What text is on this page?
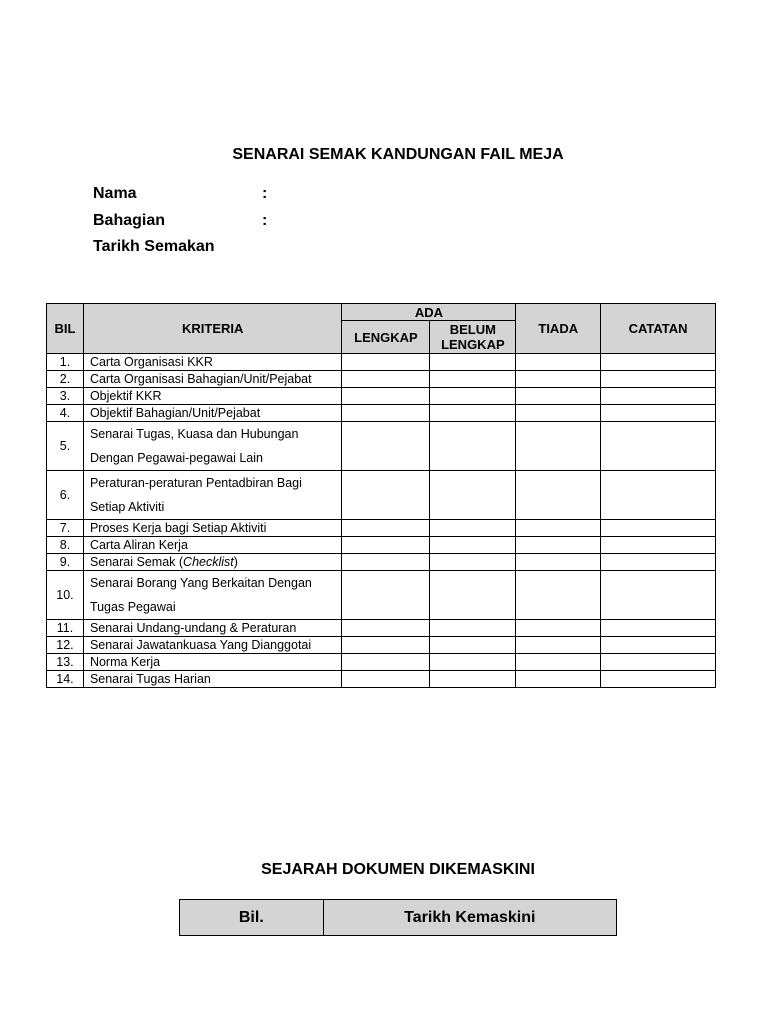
SENARAI SEMAK KANDUNGAN FAIL MEJA
Nama	:
Bahagian	:
Tarikh Semakan
BIL	KRITERIA	ADA		TIADA	CATATAN
		LENGKAP	BELUM LENGKAP		
1.	Carta Organisasi KKR				
2.	Carta Organisasi Bahagian/Unit/Pejabat				
3.	Objektif KKR				
4.	Objektif Bahagian/Unit/Pejabat				
5.	Senarai Tugas, Kuasa dan Hubungan
Dengan Pegawai-pegawai Lain				

6.	Peraturan-peraturan Pentadbiran Bagi
Setiap Aktiviti				

7.	Proses Kerja bagi Setiap Aktiviti				
8.	Carta Aliran Kerja				
9.	Senarai Semak (Checklist)				
10.	Senarai Borang Yang Berkaitan Dengan
Tugas Pegawai				

11.	Senarai Undang-undang & Peraturan				
12.	Senarai Jawatankuasa Yang Dianggotai				
13.	Norma Kerja				
14.	Senarai Tugas Harian				
SEJARAH DOKUMEN DIKEMASKINI
Bil.	Tarikh Kemaskini
